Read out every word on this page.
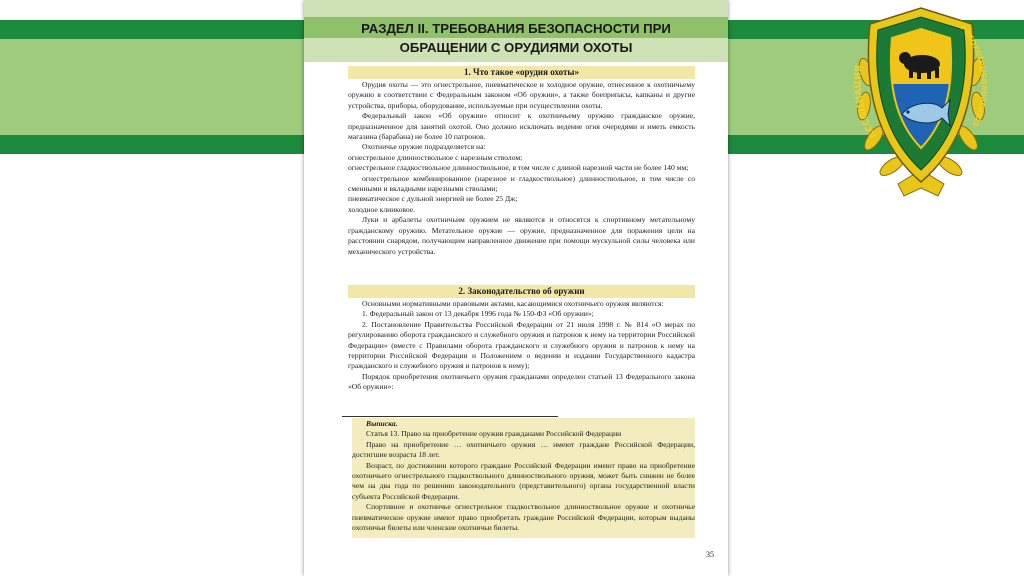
РАЗДЕЛ II. ТРЕБОВАНИЯ БЕЗОПАСНОСТИ ПРИ
ОБРАЩЕНИИ С ОРУДИЯМИ ОХОТЫ
1. Что такое «орудия охоты»

Орудия охоты — это огнестрельное, пневматическое и холодное оружие, отнесенное к охотничьему оружию в соответствии с Федеральным законом «Об оружии», а также боеприпасы, капканы и другие устройства, приборы, оборудование, используемые при осуществлении охоты.

Федеральный закон «Об оружии» относит к охотничьему оружию гражданское оружие, предназначенное для занятий охотой. Оно должно исключать ведение огня очередями и иметь емкость магазина (барабана) не более 10 патронов.

Охотничье оружие подразделяется на:

огнестрельное длинноствольное с нарезным стволом;

огнестрельное гладкоствольное длинноствольное, в том числе с длиной нарезной части не более 140 мм;

огнестрельное комбинированное (нарезное и гладкоствольное) длинноствольное, в том числе со сменными и вкладными нарезными стволами;

пневматическое с дульной энергией не более 25 Дж;

холодное клинковое.

Луки и арбалеты охотничьим оружием не являются и относятся к спортивному метательному гражданскому оружию. Метательное оружие — оружие, предназначенное для поражения цели на расстоянии снарядом, получающим направленное движение при помощи мускульной силы человека или механического устройства.

2. Законодательство об оружии

Основными нормативными правовыми актами, касающимися охотничьего оружия являются:

1. Федеральный закон от 13 декабря 1996 года № 150-ФЗ «Об оружии»;

2. Постановление Правительства Российской Федерации от 21 июля 1998 г. № 814 «О мерах по регулированию оборота гражданского и служебного оружия и патронов к нему на территории Российской Федерации» (вместе с Правилами оборота гражданского и служебного оружия и патронов к нему на территории Российской Федерации и Положением о ведении и издании Государственного кадастра гражданского и служебного оружия и патронов к нему);

Порядок приобретения охотничьего оружия гражданами определен статьей 13 Федерального закона «Об оружии»:

Выписка.

Статья 13. Право на приобретение оружия гражданами Российской Федерации

Право на приобретение … охотничьего оружия … имеют граждане Российской Федерации, достигшие возраста 18 лет.

Возраст, по достижении которого граждане Российской Федерации имеют право на приобретение охотничьего огнестрельного гладкоствольного длинноствольного оружия, может быть снижен не более чем на два года по решению законодательного (представительного) органа государственной власти субъекта Российской Федерации.

Спортивное и охотничье огнестрельное гладкоствольное длинноствольное оружие и охотничье пневматическое оружие имеют право приобретать граждане Российской Федерации, которым выданы охотничьи билеты или членские охотничьи билеты.

35
АССОЦИАЦИЯ
РОСОХОТРЫБОЛОВСОЮЗ
